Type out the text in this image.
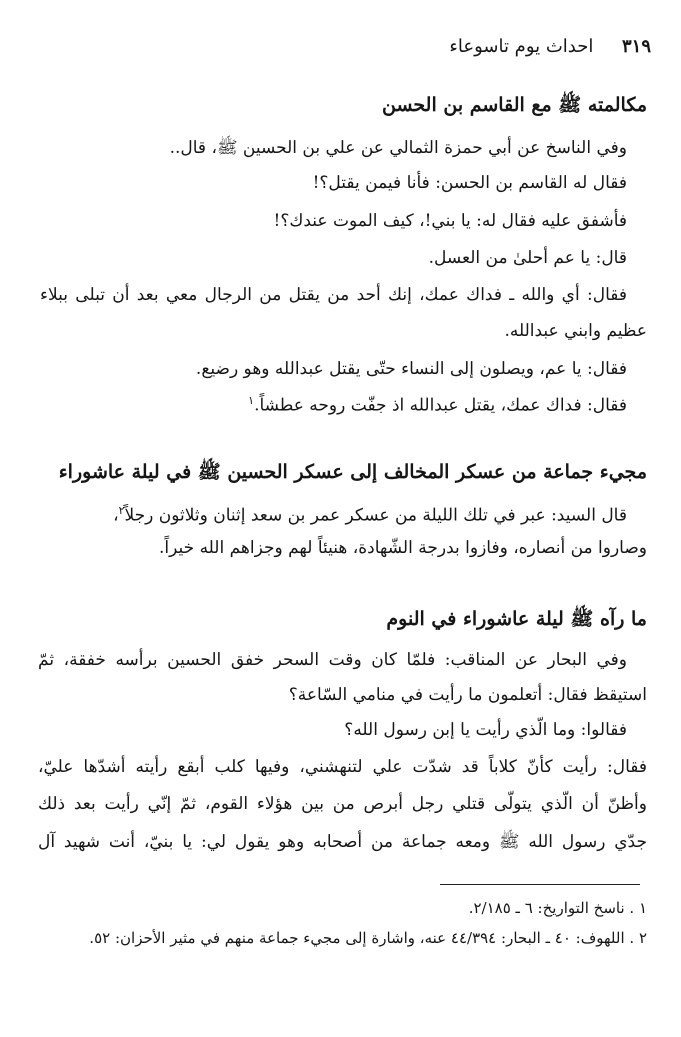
٣١٩     احداث يوم تاسوعاء
مكالمته ﷺ مع القاسم بن الحسن
وفي الناسخ عن أبي حمزة الثمالي عن علي بن الحسين ﷺ، قال..
فقال له القاسم بن الحسن: فأنا فيمن يقتل؟!
فأشفق عليه فقال له: يا بني!، كيف الموت عندك؟!
قال: يا عم أحلىٰ من العسل.
فقال: أي والله ـ فداك عمك، إنك أحد من يقتل من الرجال معي بعد أن تبلى ببلاء
عظيم وابني عبدالله.
فقال: يا عم، ويصلون إلى النساء حتّى يقتل عبدالله وهو رضيع.
فقال: فداك عمك، يقتل عبدالله اذ جفّت روحه عطشاً.$^١$
مجيء جماعة من عسكر المخالف إلى عسكر الحسين ﷺ في ليلة عاشوراء
قال السيد: عبر في تلك الليلة من عسكر عمر بن سعد إثنان وثلاثون رجلاً$^٢$،
وصاروا من أنصاره، وفازوا بدرجة الشّهادة، هنيئاً لهم وجزاهم الله خيراً.
ما رآه ﷺ ليلة عاشوراء في النوم
وفي البحار عن المناقب: فلمّا كان وقت السحر خفق الحسين برأسه خفقة، ثمّ
استيقظ فقال: أتعلمون ما رأيت في منامي السّاعة؟
فقالوا: وما الّذي رأيت يا إبن رسول الله؟
فقال: رأيت كأنّ كلاباً قد شدّت علي لتنهشني، وفيها كلب أبقع رأيته أشدّها عليّ،
وأظنّ أن الّذي يتولّى قتلي رجل أبرص من بين هؤلاء القوم، ثمّ إنّي رأيت بعد ذلك
جدّي رسول الله ﷺ ومعه جماعة من أصحابه وهو يقول لي: يا بنيّ، أنت شهيد آل
١ . ناسخ التواريخ: ٦ ـ ٢/١٨٥.
٢ . اللهوف: ٤٠ ـ البحار: ٤٤/٣٩٤ عنه، واشارة إلى مجيء جماعة منهم في مثير الأحزان: ٥٢.
